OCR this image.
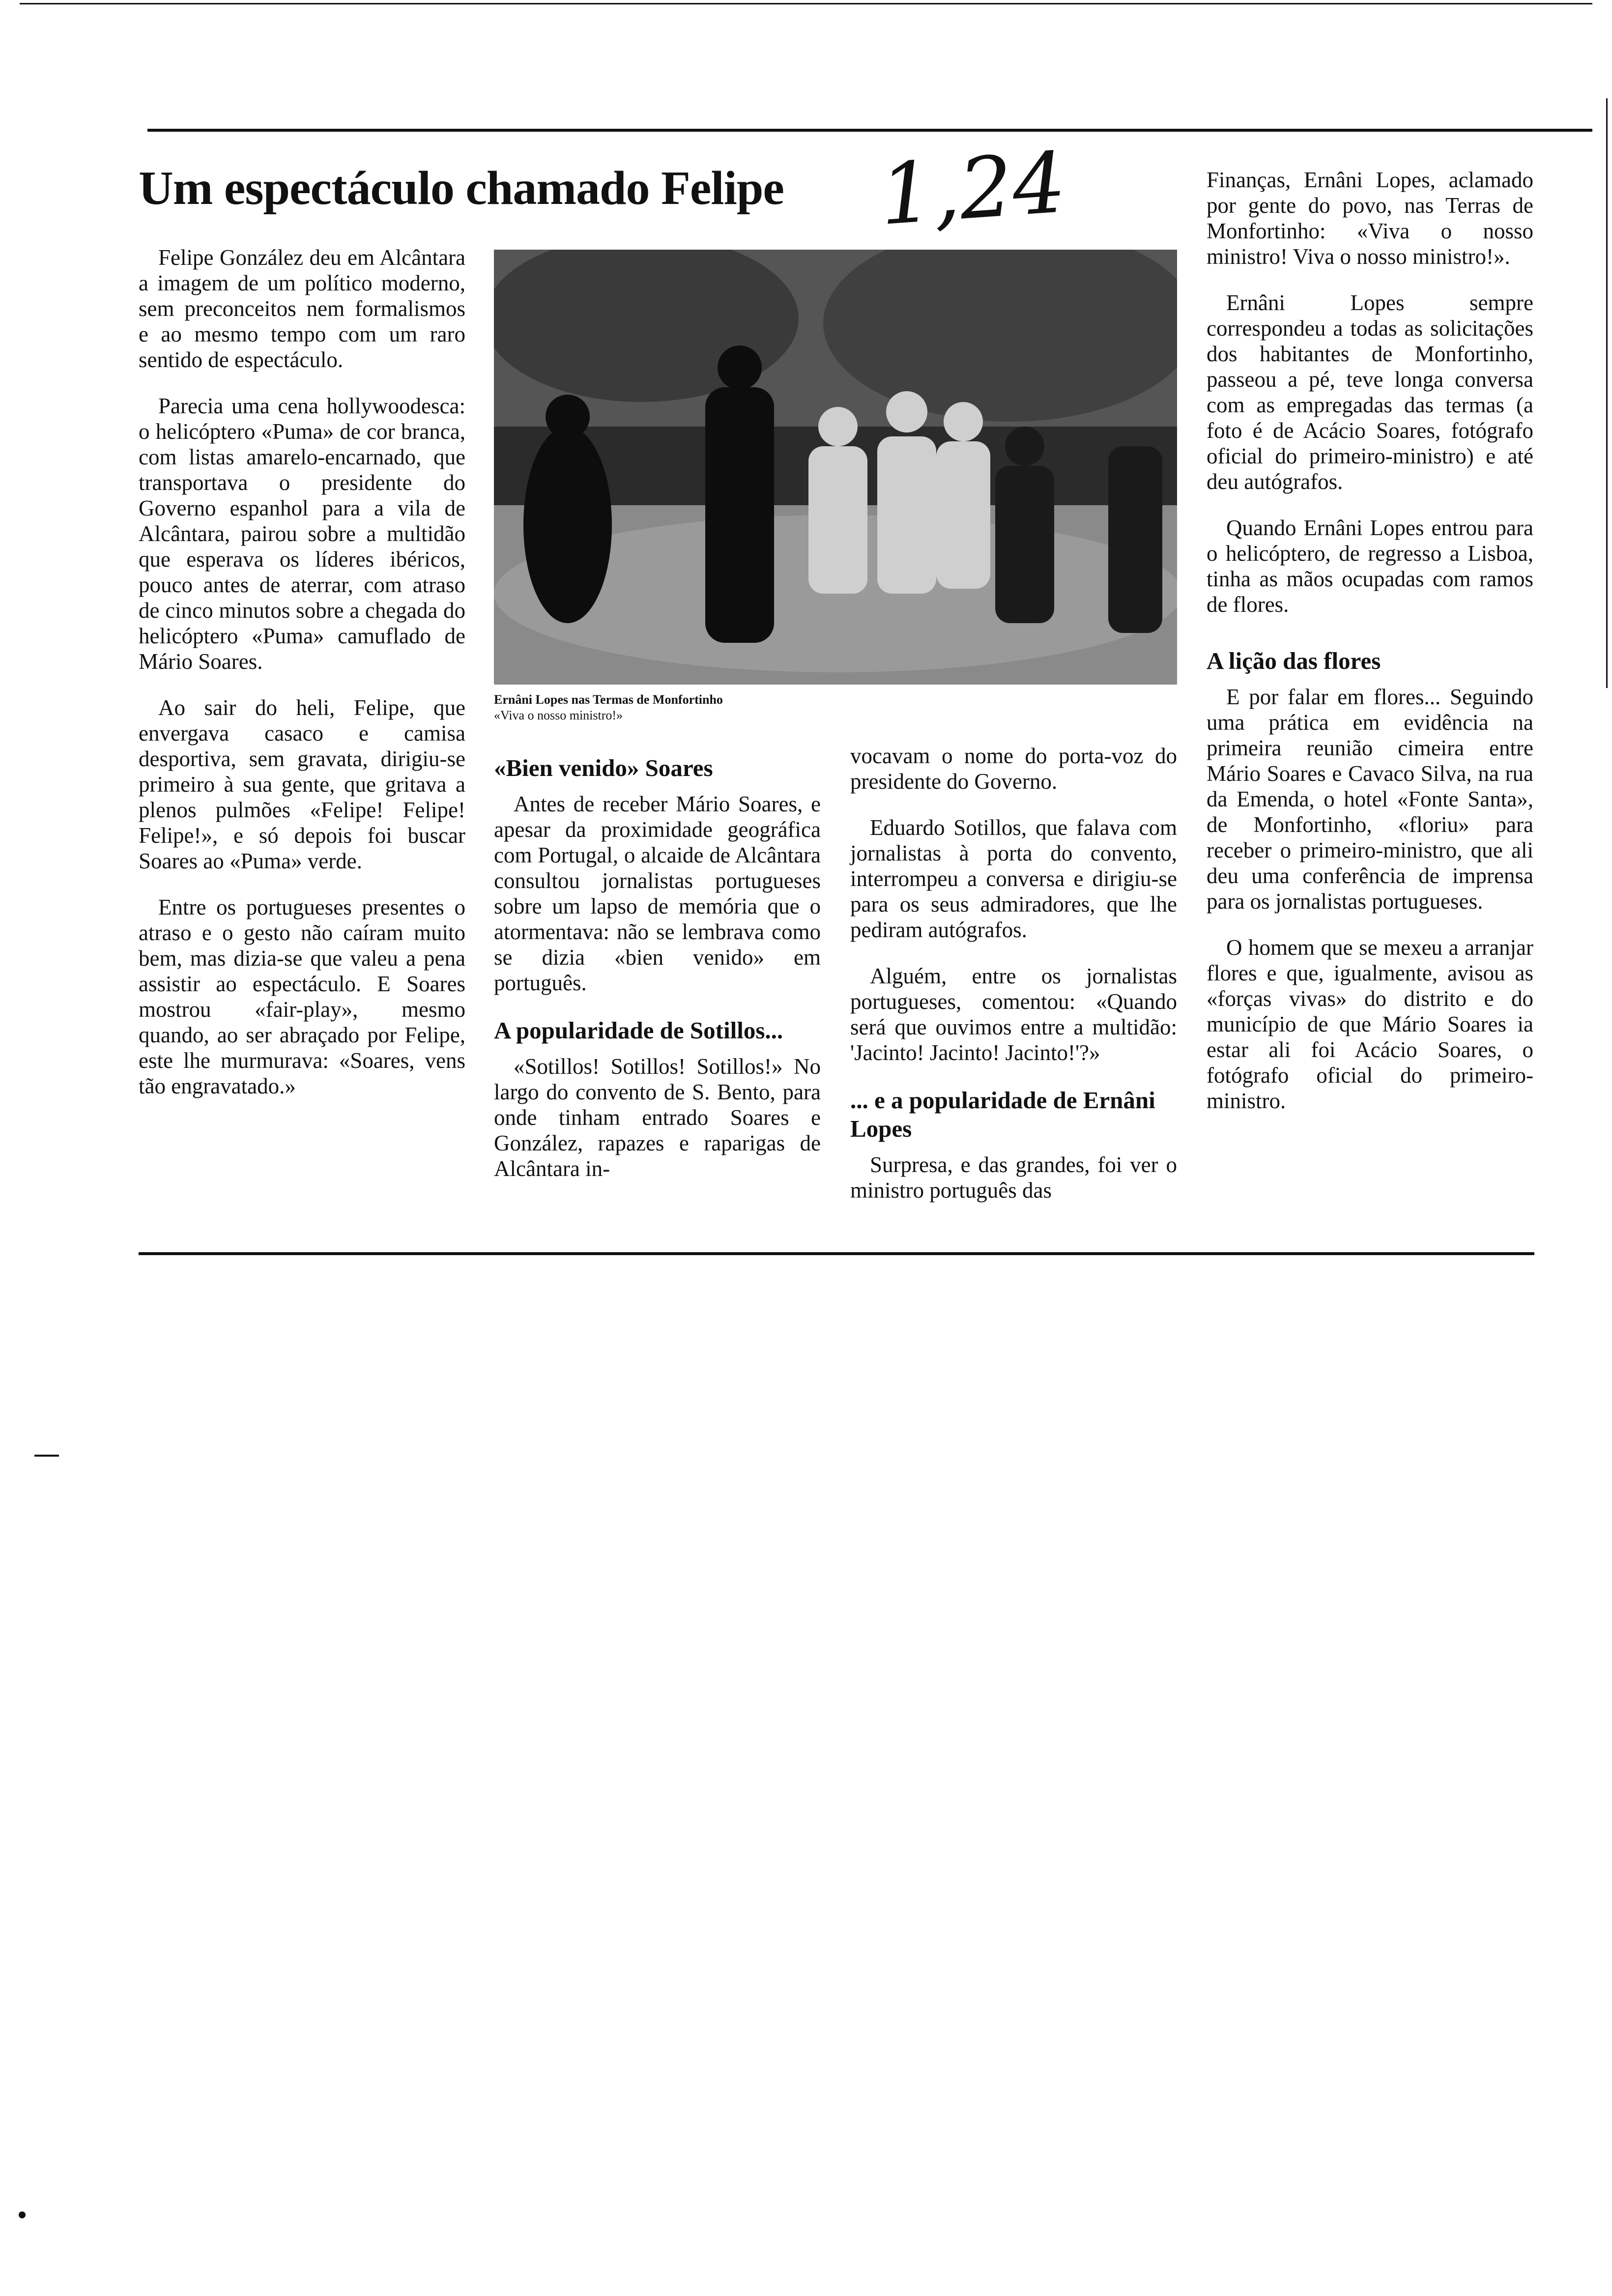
Um espectáculo chamado Felipe 1,24

Felipe González deu em Alcântara a imagem de um político moderno, sem preconceitos nem formalismos e ao mesmo tempo com um raro sentido de espectáculo.

Parecia uma cena hollywoodesca: o helicóptero «Puma» de cor branca, com listas amarelo-encarnado, que transportava o presidente do Governo espanhol para a vila de Alcântara, pairou sobre a multidão que esperava os líderes ibéricos, pouco antes de aterrar, com atraso de cinco minutos sobre a chegada do helicóptero «Puma» camuflado de Mário Soares.

Ao sair do heli, Felipe, que envergava casaco e camisa desportiva, sem gravata, dirigiu-se primeiro à sua gente, que gritava a plenos pulmões «Felipe! Felipe! Felipe!», e só depois foi buscar Soares ao «Puma» verde.

Entre os portugueses presentes o atraso e o gesto não caíram muito bem, mas dizia-se que valeu a pena assistir ao espectáculo. E Soares mostrou «fair-play», mesmo quando, ao ser abraçado por Felipe, este lhe murmurava: «Soares, vens tão engravatado.»

Ernâni Lopes nas Termas de Monfortinho
«Viva o nosso ministro!»
«Bien venido» Soares

Antes de receber Mário Soares, e apesar da proximidade geográfica com Portugal, o alcaide de Alcântara consultou jornalistas portugueses sobre um lapso de memória que o atormentava: não se lembrava como se dizia «bien venido» em português.

A popularidade de Sotillos...

«Sotillos! Sotillos! Sotillos!» No largo do convento de S. Bento, para onde tinham entrado Soares e González, rapazes e raparigas de Alcântara in-

vocavam o nome do porta-voz do presidente do Governo.

Eduardo Sotillos, que falava com jornalistas à porta do convento, interrompeu a conversa e dirigiu-se para os seus admiradores, que lhe pediram autógrafos.

Alguém, entre os jornalistas portugueses, comentou: «Quando será que ouvimos entre a multidão: 'Jacinto! Jacinto! Jacinto!'?»

... e a popularidade de Ernâni Lopes

Surpresa, e das grandes, foi ver o ministro português das

Finanças, Ernâni Lopes, aclamado por gente do povo, nas Terras de Monfortinho: «Viva o nosso ministro! Viva o nosso ministro!».

Ernâni Lopes sempre correspondeu a todas as solicitações dos habitantes de Monfortinho, passeou a pé, teve longa conversa com as empregadas das termas (a foto é de Acácio Soares, fotógrafo oficial do primeiro-ministro) e até deu autógrafos.

Quando Ernâni Lopes entrou para o helicóptero, de regresso a Lisboa, tinha as mãos ocupadas com ramos de flores.

A lição das flores

E por falar em flores... Seguindo uma prática em evidência na primeira reunião cimeira entre Mário Soares e Cavaco Silva, na rua da Emenda, o hotel «Fonte Santa», de Monfortinho, «floriu» para receber o primeiro-ministro, que ali deu uma conferência de imprensa para os jornalistas portugueses.

O homem que se mexeu a arranjar flores e que, igualmente, avisou as «forças vivas» do distrito e do município de que Mário Soares ia estar ali foi Acácio Soares, o fotógrafo oficial do primeiro-ministro.
